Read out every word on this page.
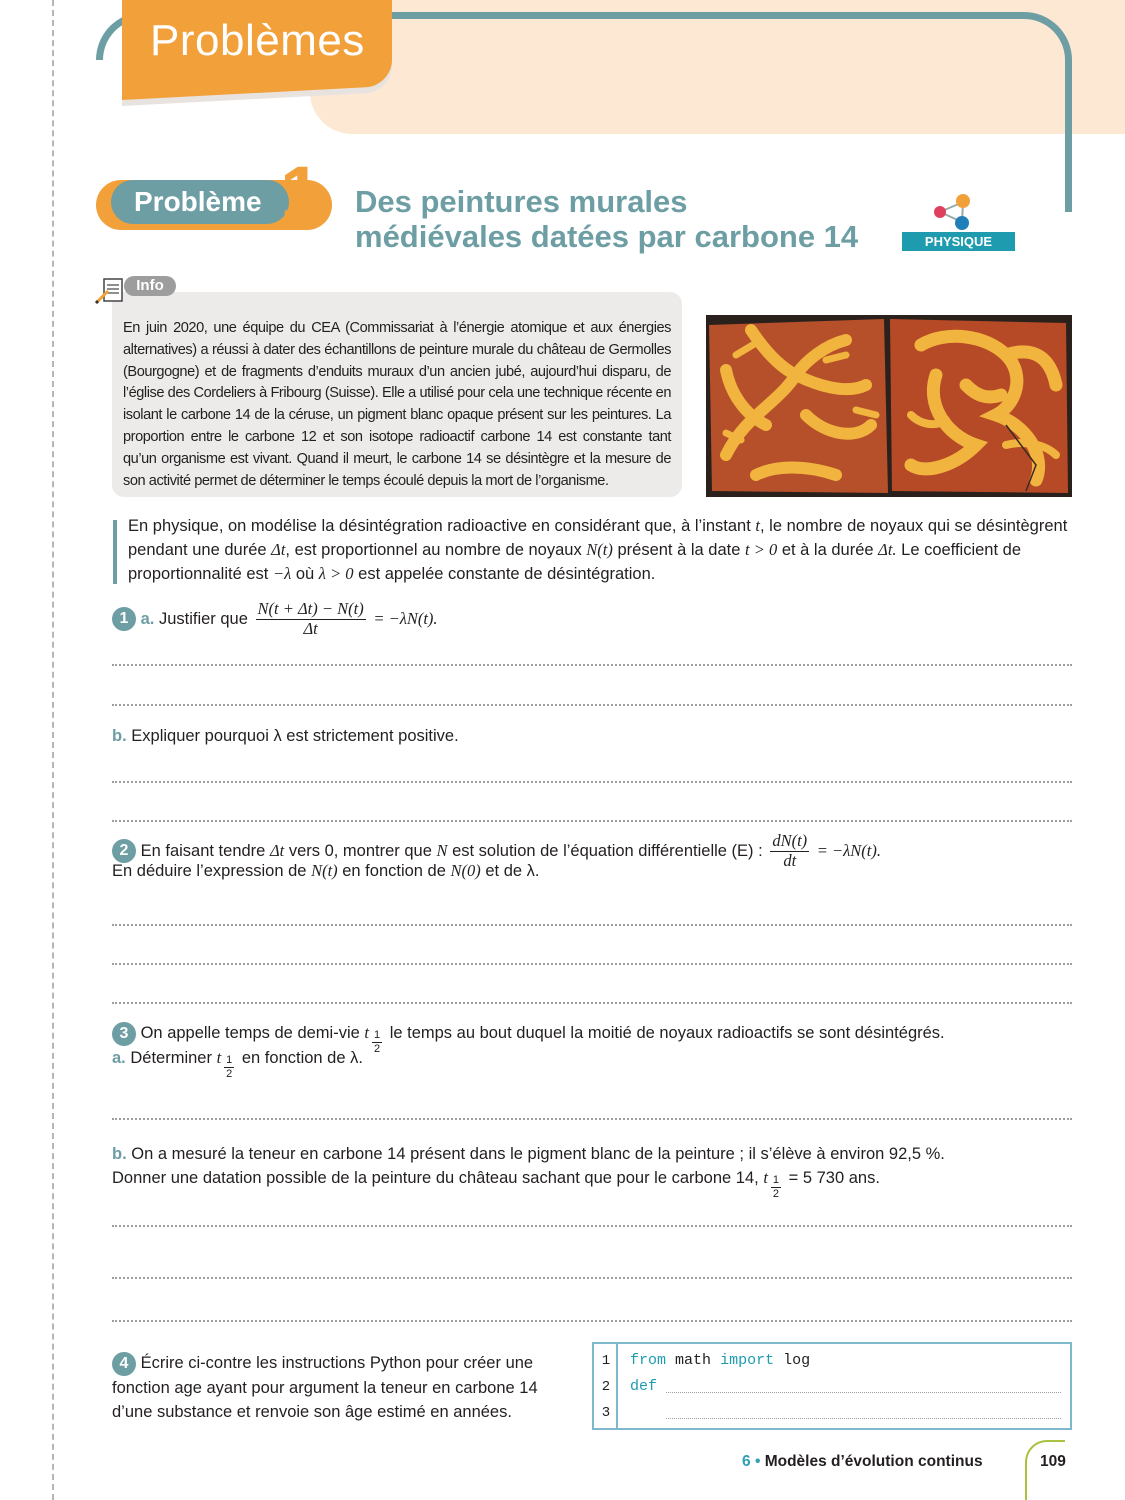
Problèmes
Problème 1 Des peintures murales
médiévales datées par carbone 14	PHYSIQUE CHIMIE
Info
En juin 2020, une équipe du CEA (Commissariat à l’énergie atomique et aux énergies alternatives) a réussi à dater des échantillons de peinture murale du château de Germolles (Bourgogne) et de fragments d’enduits muraux d’un ancien jubé, aujourd’hui disparu, de l’église des Cordeliers à Fribourg (Suisse). Elle a utilisé pour cela une technique récente en isolant le carbone 14 de la céruse, un pigment blanc opaque présent sur les peintures. La proportion entre le carbone 12 et son isotope radioactif carbone 14 est constante tant qu’un organisme est vivant. Quand il meurt, le carbone 14 se désintègre et la mesure de son activité permet de déterminer le temps écoulé depuis la mort de l’organisme.
En physique, on modélise la désintégration radioactive en considérant que, à l’instant t, le nombre de noyaux qui se désintègrent pendant une durée Δt, est proportionnel au nombre de noyaux N(t) présent à la date t > 0 et à la durée Δt. Le coefficient de proportionnalité est −λ où λ > 0 est appelée constante de désintégration.
1 a. Justifier que $\frac{N(t + \Delta t) - N(t)}{\Delta t} = -\lambda N(t)$.
b. Expliquer pourquoi λ est strictement positive.
2 En faisant tendre Δt vers 0, montrer que N est solution de l’équation différentielle (E) : $\frac{dN(t)}{dt} = -\lambda N(t)$.
En déduire l’expression de N(t) en fonction de N(0) et de λ.
3 On appelle temps de demi-vie t $\frac{1}{2}$ le temps au bout duquel la moitié de noyaux radioactifs se sont désintégrés.
a. Déterminer t $\frac{1}{2}$ en fonction de λ.
b. On a mesuré la teneur en carbone 14 présent dans le pigment blanc de la peinture ; il s’élève à environ 92,5 %.
Donner une datation possible de la peinture du château sachant que pour le carbone 14, t $\frac{1}{2} = 5$ 730 ans.
4 Écrire ci-contre les instructions Python pour créer une fonction age ayant pour argument la teneur en carbone 14 d’une substance et renvoie son âge estimé en années.
1
2
3
from math import log
def
6 • Modèles d’évolution continus	109
